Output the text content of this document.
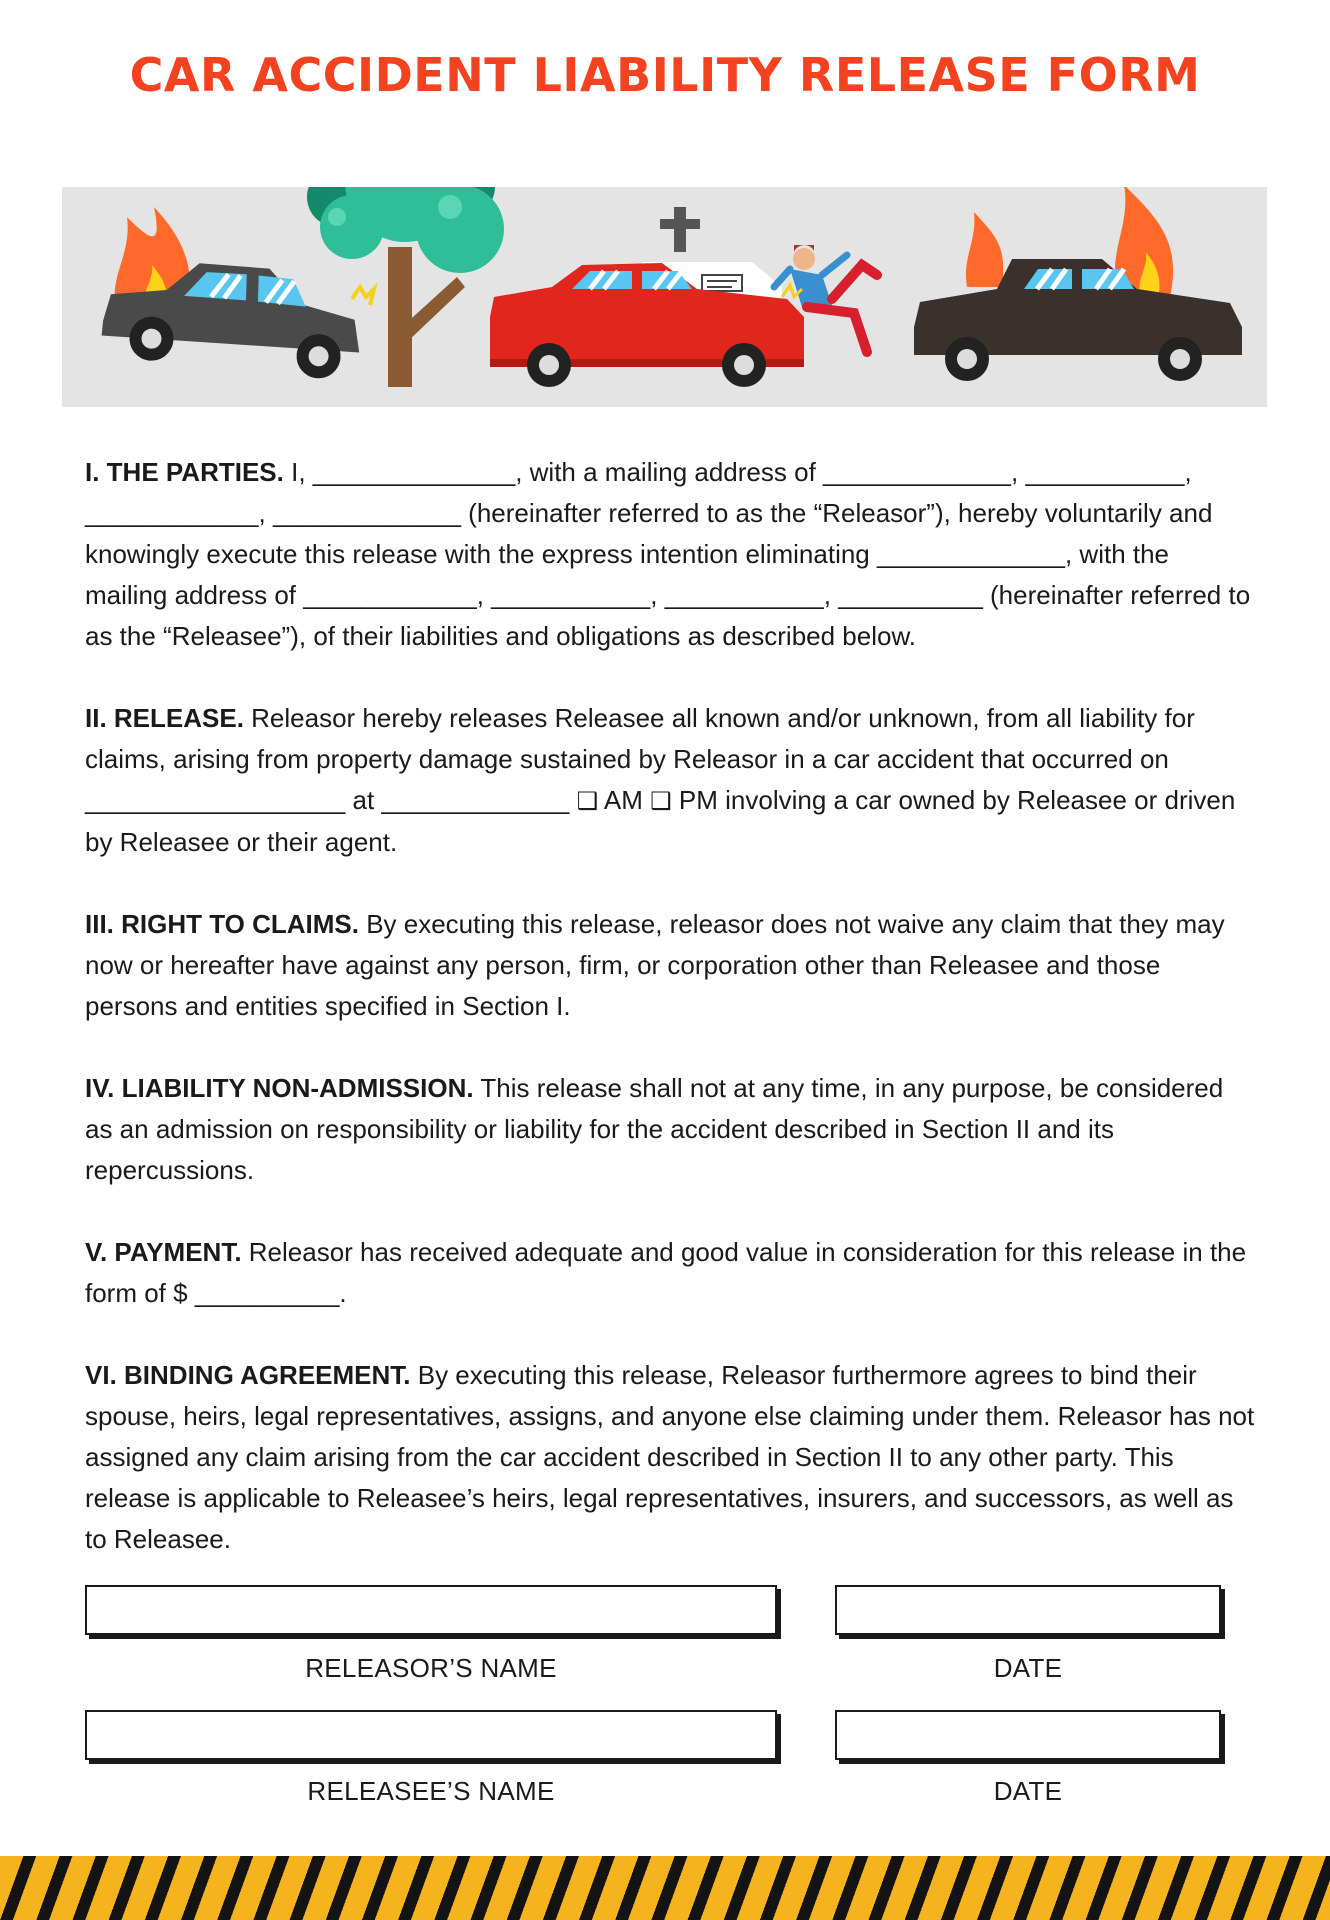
CAR ACCIDENT LIABILITY RELEASE FORM
I. THE PARTIES. I, ______________, with a mailing address of _____________, ___________, ____________, _____________ (hereinafter referred to as the “Releasor”), hereby voluntarily and knowingly execute this release with the express intention eliminating _____________, with the mailing address of ____________, ___________, ___________, __________ (hereinafter referred to as the “Releasee”), of their liabilities and obligations as described below.
II. RELEASE. Releasor hereby releases Releasee all known and/or unknown, from all liability for claims, arising from property damage sustained by Releasor in a car accident that occurred on __________________ at _____________ ❑ AM ❑ PM involving a car owned by Releasee or driven by Releasee or their agent.
III. RIGHT TO CLAIMS. By executing this release, releasor does not waive any claim that they may now or hereafter have against any person, firm, or corporation other than Releasee and those persons and entities specified in Section I.
IV. LIABILITY NON-ADMISSION. This release shall not at any time, in any purpose, be considered as an admission on responsibility or liability for the accident described in Section II and its repercussions.
V. PAYMENT. Releasor has received adequate and good value in consideration for this release in the form of $ __________.
VI. BINDING AGREEMENT. By executing this release, Releasor furthermore agrees to bind their spouse, heirs, legal representatives, assigns, and anyone else claiming under them. Releasor has not assigned any claim arising from the car accident described in Section II to any other party. This release is applicable to Releasee’s heirs, legal representatives, insurers, and successors, as well as to Releasee.
RELEASOR’S NAME	DATE
RELEASEE’S NAME	DATE
